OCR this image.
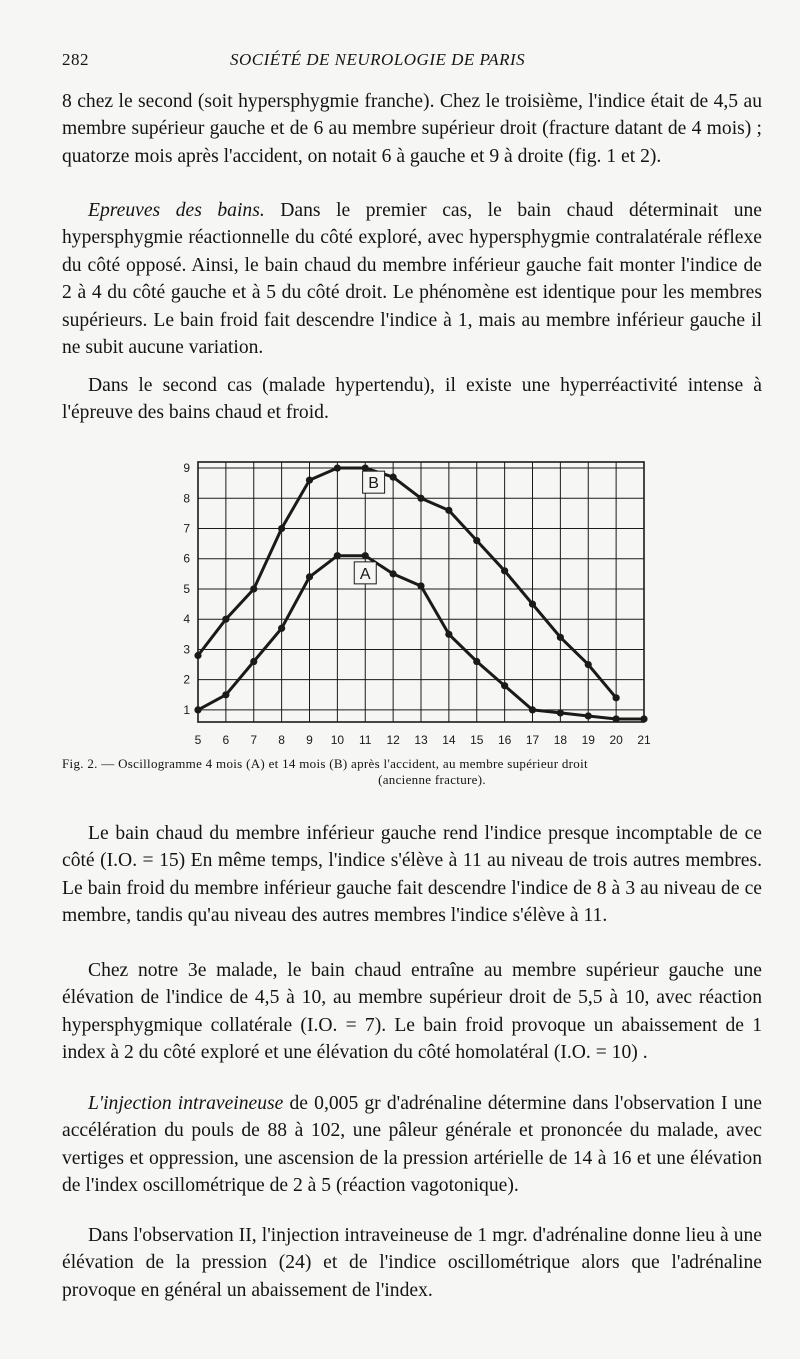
282	SOCIÉTÉ DE NEUROLOGIE DE PARIS

8 chez le second (soit hypersphygmie franche). Chez le troisième, l'indice était de 4,5 au membre supérieur gauche et de 6 au membre supérieur droit (fracture datant de 4 mois) ; quatorze mois après l'accident, on notait 6 à gauche et 9 à droite (fig. 1 et 2).

Epreuves des bains. Dans le premier cas, le bain chaud déterminait une hypersphygmie réactionnelle du côté exploré, avec hypersphygmie contralatérale réflexe du côté opposé. Ainsi, le bain chaud du membre inférieur gauche fait monter l'indice de 2 à 4 du côté gauche et à 5 du côté droit. Le phénomène est identique pour les membres supérieurs. Le bain froid fait descendre l'indice à 1, mais au membre inférieur gauche il ne subit aucune variation.

Dans le second cas (malade hypertendu), il existe une hyperréactivité intense à l'épreuve des bains chaud et froid.

5 6 7 8 9 10 11 12 13 14 15 16 17 18 19 20 21
1
2
3
4
5
6
7
8
9
B
A
Fig. 2. — Oscillogramme 4 mois (A) et 14 mois (B) après l'accident, au membre supérieur droit
(ancienne fracture).

Le bain chaud du membre inférieur gauche rend l'indice presque incomptable de ce côté (I.O. = 15) En même temps, l'indice s'élève à 11 au niveau de trois autres membres. Le bain froid du membre inférieur gauche fait descendre l'indice de 8 à 3 au niveau de ce membre, tandis qu'au niveau des autres membres l'indice s'élève à 11.

Chez notre 3e malade, le bain chaud entraîne au membre supérieur gauche une élévation de l'indice de 4,5 à 10, au membre supérieur droit de 5,5 à 10, avec réaction hypersphygmique collatérale (I.O. = 7). Le bain froid provoque un abaissement de 1 index à 2 du côté exploré et une élévation du côté homolatéral (I.O. = 10) .

L'injection intraveineuse de 0,005 gr d'adrénaline détermine dans l'observation I une accélération du pouls de 88 à 102, une pâleur générale et prononcée du malade, avec vertiges et oppression, une ascension de la pression artérielle de 14 à 16 et une élévation de l'index oscillométrique de 2 à 5 (réaction vagotonique).

Dans l'observation II, l'injection intraveineuse de 1 mgr. d'adrénaline donne lieu à une élévation de la pression (24) et de l'indice oscillométrique alors que l'adrénaline provoque en général un abaissement de l'index.
